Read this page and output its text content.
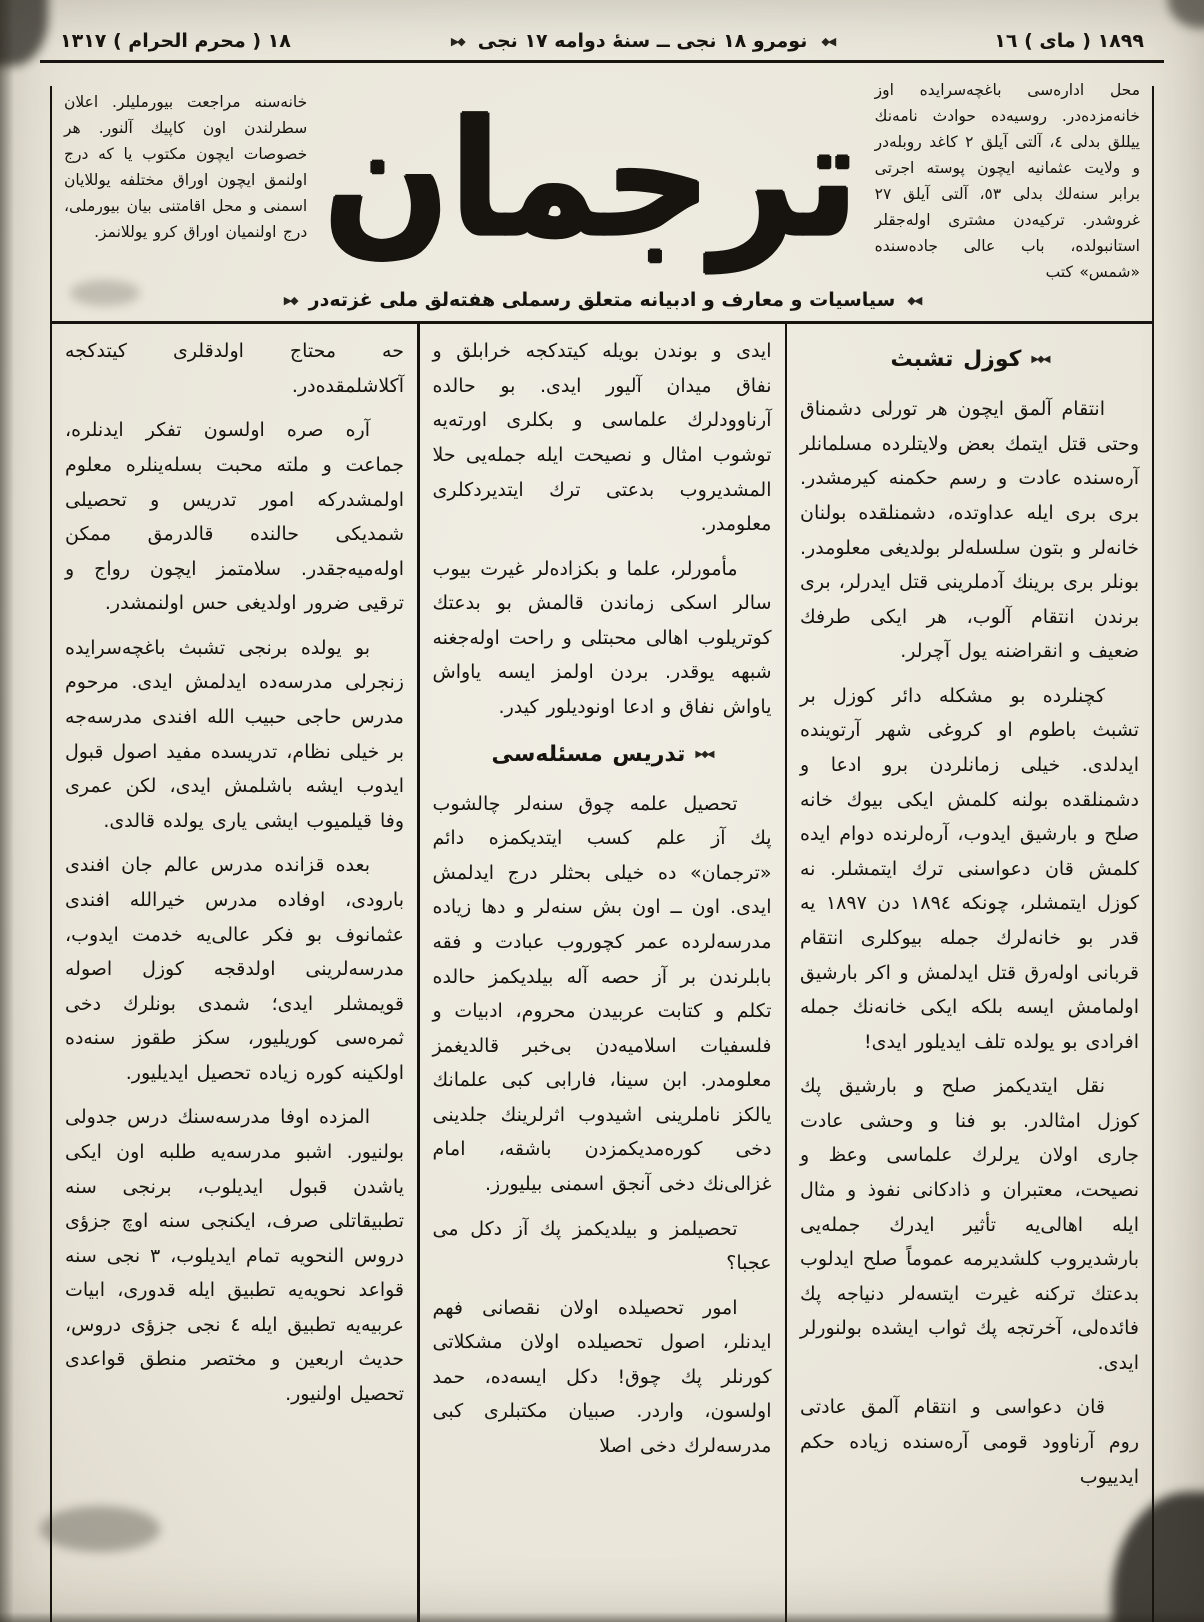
١٨٩٩ ( ماى ) ١٦
◀◆
نومرو ١٨ نجى ــ سنهٔ دوامه ١٧ نجى
◆▶
١٨ ( محرم الحرام ) ١٣١٧
محل اداره‌سى باغچه‌سرايده اوز خانه‌مزده‌در. روسيه‌ده حوادث نامه‌نك ييللق بدلى ٤، آلتى آيلق ٢ كاغد روبله‌در و ولايت عثمانيه ايچون پوسته اجرتى برابر سنه‌لك بدلى ٥٣، آلتى آيلق ٢٧ غروشدر. تركيه‌دن مشترى اوله‌جقلر استانبولده، باب عالى جاده‌سنده «شمس» كتب
ترجمان
خانه‌سنه مراجعت بيورمليلر. اعلان سطرلندن اون كاپيك آلنور. هر خصوصات ايچون مكتوب يا كه درج اولنمق ايچون اوراق مختلفه يوللايان اسمنى و محل اقامتنى بيان بيورملى، درج اولنميان اوراق كرو يوللانمز.
◀◆
سياسيات و معارف و ادبيانه متعلق رسملى هفته‌لق ملى غزته‌در
◆▶
◀◆▶
كوزل تشبث

انتقام آلمق ايچون هر تورلى دشمناق وحتى قتل ايتمك بعض ولايتلرده مسلمانلر آره‌سنده عادت و رسم حكمنه كيرمشدر. برى برى ايله عداوتده، دشمنلقده بولنان خانه‌لر و بتون سلسله‌لر بولديغى معلومدر. بونلر برى برينك آدملرينى قتل ايدرلر، برى برندن انتقام آلوب، هر ايكى طرفك ضعيف و انقراضنه يول آچرلر.

كچنلرده بو مشكله دائر كوزل بر تشبث باطوم او كروغى شهر آرتوينده ايدلدى. خيلى زمانلردن برو ادعا و دشمنلقده بولنه كلمش ايكى بيوك خانه صلح و بارشيق ايدوب، آره‌لرنده دوام ايده كلمش قان دعواسنى ترك ايتمشلر. نه كوزل ايتمشلر، چونكه ١٨٩٤ دن ١٨٩٧ يه قدر بو خانه‌لرك جمله بيوكلرى انتقام قربانى اوله‌رق قتل ايدلمش و اكر بارشيق اولمامش ايسه بلكه ايكى خانه‌نك جمله افرادى بو يولده تلف ايديلور ايدى!

نقل ايتديكمز صلح و بارشيق پك كوزل امثالدر. بو فنا و وحشى عادت جارى اولان يرلرك علماسى وعظ و نصيحت، معتبران و ذادكانى نفوذ و مثال ايله اهالى‌يه تأثير ايدرك جمله‌يى بارشديروب كلشديرمه عموماً صلح ايدلوب بدعتك تركنه غيرت ايتسه‌لر دنياجه پك فائده‌لى، آخرتجه پك ثواب ايشده بولنورلر ايدى.

قان دعواسى و انتقام آلمق عادتى روم آرناوود قومى آره‌سنده زياده حكم ايدييوب

ايدى و بوندن بويله كيتدكجه خرابلق و نفاق ميدان آليور ايدى. بو حالده آرناوودلرك علماسى و بكلرى اورته‌يه توشوب امثال و نصيحت ايله جمله‌يى حلا المشديروب بدعتى ترك ايتديردكلرى معلومدر.

مأمورلر، علما و بكزاده‌لر غيرت بيوب سالر اسكى زماندن قالمش بو بدعتك كوتريلوب اهالى محبتلى و راحت اوله‌جغنه شبهه يوقدر. بردن اولمز ايسه ياواش ياواش نفاق و ادعا اونوديلور كيدر.

◀◆▶
تدريس مسئله‌سى

تحصيل علمه چوق سنه‌لر چالشوب پك آز علم كسب ايتديكمزه دائم «ترجمان» ده خيلى بحثلر درج ايدلمش ايدى. اون ــ اون بش سنه‌لر و دها زياده مدرسه‌لرده عمر كچوروب عبادت و فقه بابلرندن بر آز حصه آله بيلديكمز حالده تكلم و كتابت عربيدن محروم، ادبيات و فلسفيات اسلاميه‌دن بى‌خبر قالديغمز معلومدر. ابن سينا، فارابى كبى علمانك يالكز ناملرينى اشيدوب اثرلرينك جلدينى دخى كوره‌مديكمزدن باشقه، امام غزالى‌نك دخى آنجق اسمنى بيليورز.

تحصيلمز و بيلديكمز پك آز دكل مى عجبا؟

امور تحصيلده اولان نقصانى فهم ايدنلر، اصول تحصيلده اولان مشكلاتى كورنلر پك چوق! دكل ايسه‌ده، حمد اولسون، واردر. صبيان مكتبلرى كبى مدرسه‌لرك دخى اصلا

حه محتاج اولدقلرى كيتدكجه آكلاشلمقده‌در.

آره صره اولسون تفكر ايدنلره، جماعت و ملته محبت بسله‌ينلره معلوم اولمشدركه امور تدريس و تحصيلى شمديكى حالنده قالدرمق ممكن اوله‌ميه‌جقدر. سلامتمز ايچون رواج و ترقيى ضرور اولديغى حس اولنمشدر.

بو يولده برنجى تشبث باغچه‌سرايده زنجرلى مدرسه‌ده ايدلمش ايدى. مرحوم مدرس حاجى حبيب الله افندى مدرسه‌جه بر خيلى نظام، تدريسده مفيد اصول قبول ايدوب ايشه باشلمش ايدى، لكن عمرى وفا قيلميوب ايشى يارى يولده قالدى.

بعده قزانده مدرس عالم جان افندى بارودى، اوفاده مدرس خيرالله افندى عثمانوف بو فكر عالى‌يه خدمت ايدوب، مدرسه‌لرينى اولدقجه كوزل اصوله قويمشلر ايدى؛ شمدى بونلرك دخى ثمره‌سى كوريليور، سكز طقوز سنه‌ده اولكينه كوره زياده تحصيل ايديليور.

المزده اوفا مدرسه‌سنك درس جدولى بولنيور. اشبو مدرسه‌يه طلبه اون ايكى ياشدن قبول ايديلوب، برنجى سنه تطبيقاتلى صرف، ايكنجى سنه اوچ جزؤى دروس النحويه تمام ايديلوب، ٣ نجى سنه قواعد نحويه‌يه تطبيق ايله قدورى، ابيات عربيه‌يه تطبيق ايله ٤ نجى جزؤى دروس، حديث اربعين و مختصر منطق قواعدى تحصيل اولنيور.
